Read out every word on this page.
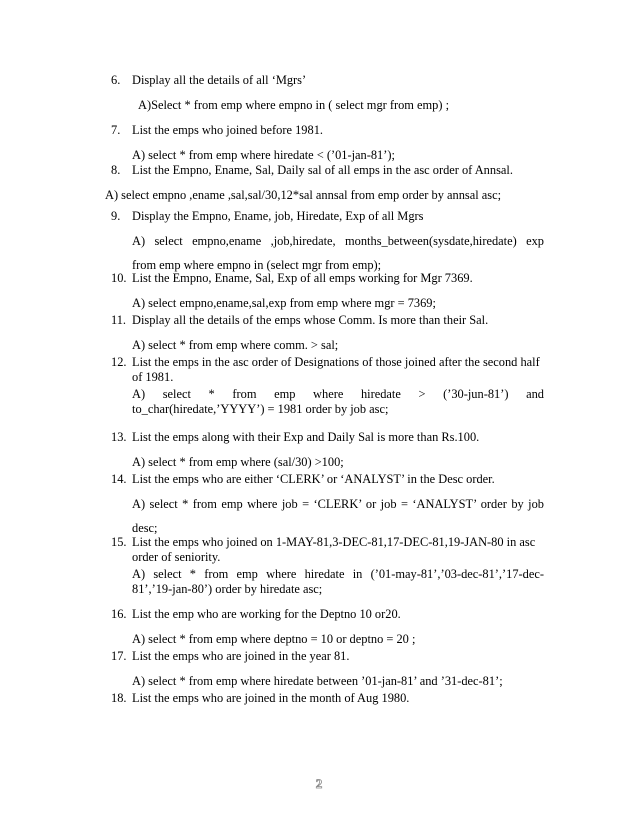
6. Display all the details of all ‘Mgrs’
A)Select * from emp where empno in ( select mgr from emp) ;
7. List the emps who joined before 1981.
A) select * from emp where hiredate < (’01-jan-81’);
8. List the Empno, Ename, Sal, Daily sal of all emps in the asc order of Annsal.
A) select empno ,ename ,sal,sal/30,12*sal annsal from emp order by annsal asc;
9. Display the Empno, Ename, job, Hiredate, Exp of all Mgrs
A) select empno,ename ,job,hiredate, months_between(sysdate,hiredate) exp
from emp where empno in (select mgr from emp);
10. List the Empno, Ename, Sal, Exp of all emps working for Mgr 7369.
A) select empno,ename,sal,exp from emp where mgr = 7369;
11. Display all the details of the emps whose Comm. Is more than their Sal.
A) select * from emp where comm. > sal;
12. List the emps in the asc order of Designations of those joined after the second half of 1981.
A) select * from emp where hiredate > (’30-jun-81’) and
to_char(hiredate,’YYYY’) = 1981 order by job asc;
13. List the emps along with their Exp and Daily Sal is more than Rs.100.
A) select * from emp where (sal/30) >100;
14. List the emps who are either ‘CLERK’ or ‘ANALYST’ in the Desc order.
A) select * from emp where job = ‘CLERK’ or job = ‘ANALYST’ order by job
desc;
15. List the emps who joined on 1-MAY-81,3-DEC-81,17-DEC-81,19-JAN-80 in asc order of seniority.
A) select * from emp where hiredate in (’01-may-81’,’03-dec-81’,’17-dec-
81’,’19-jan-80’) order by hiredate asc;
16. List the emp who are working for the Deptno 10 or20.
A) select * from emp where deptno = 10 or deptno = 20 ;
17. List the emps who are joined in the year 81.
A) select * from emp where hiredate between ’01-jan-81’ and ’31-dec-81’;
18. List the emps who are joined in the month of Aug 1980.
2
